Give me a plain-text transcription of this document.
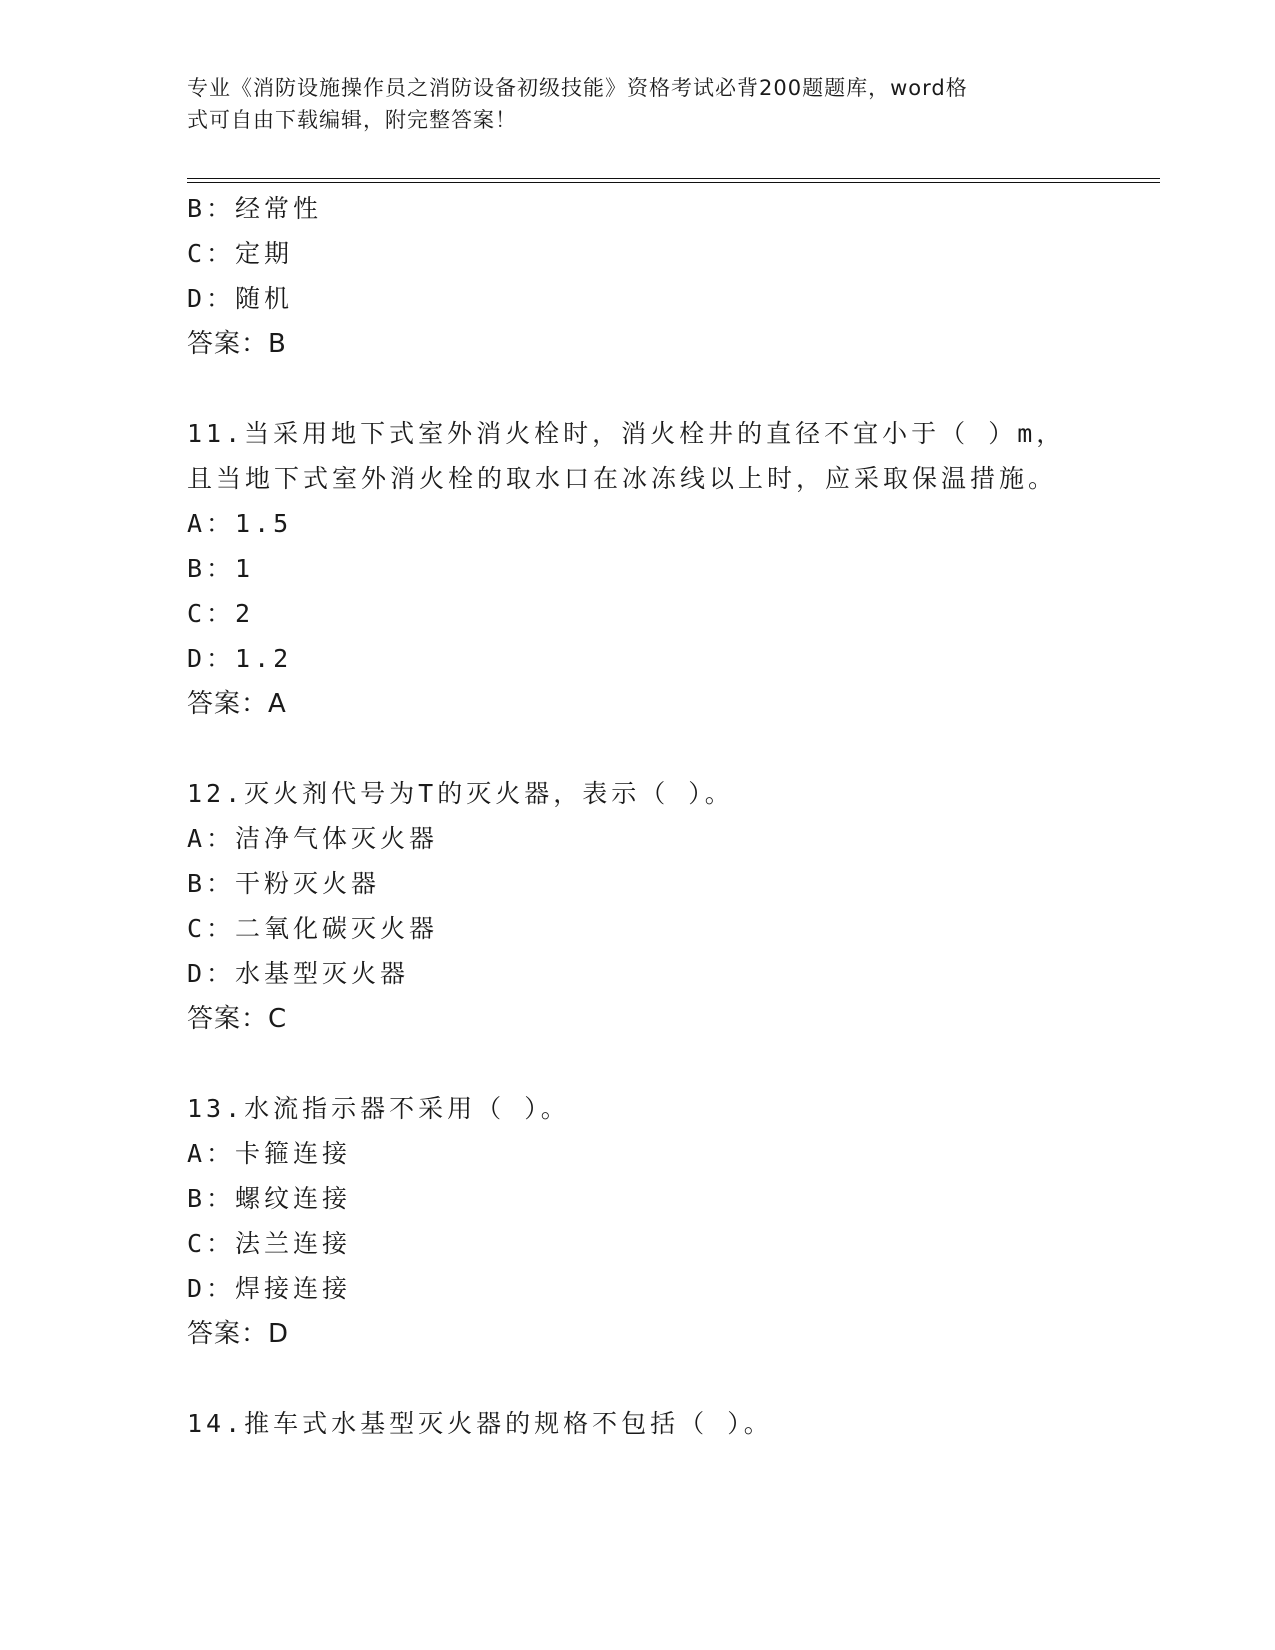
专业《消防设施操作员之消防设备初级技能》资格考试必背200题题库，word格
式可自由下载编辑，附完整答案！
B：经常性
C：定期
D：随机
答案：B
11.当采用地下式室外消火栓时，消火栓井的直径不宜小于（ ）m，
且当地下式室外消火栓的取水口在冰冻线以上时，应采取保温措施。
A：1.5
B：1
C：2
D：1.2
答案：A
12.灭火剂代号为T的灭火器，表示（ ）。
A：洁净气体灭火器
B：干粉灭火器
C：二氧化碳灭火器
D：水基型灭火器
答案：C
13.水流指示器不采用（ ）。
A：卡箍连接
B：螺纹连接
C：法兰连接
D：焊接连接
答案：D
14.推车式水基型灭火器的规格不包括（ ）。
